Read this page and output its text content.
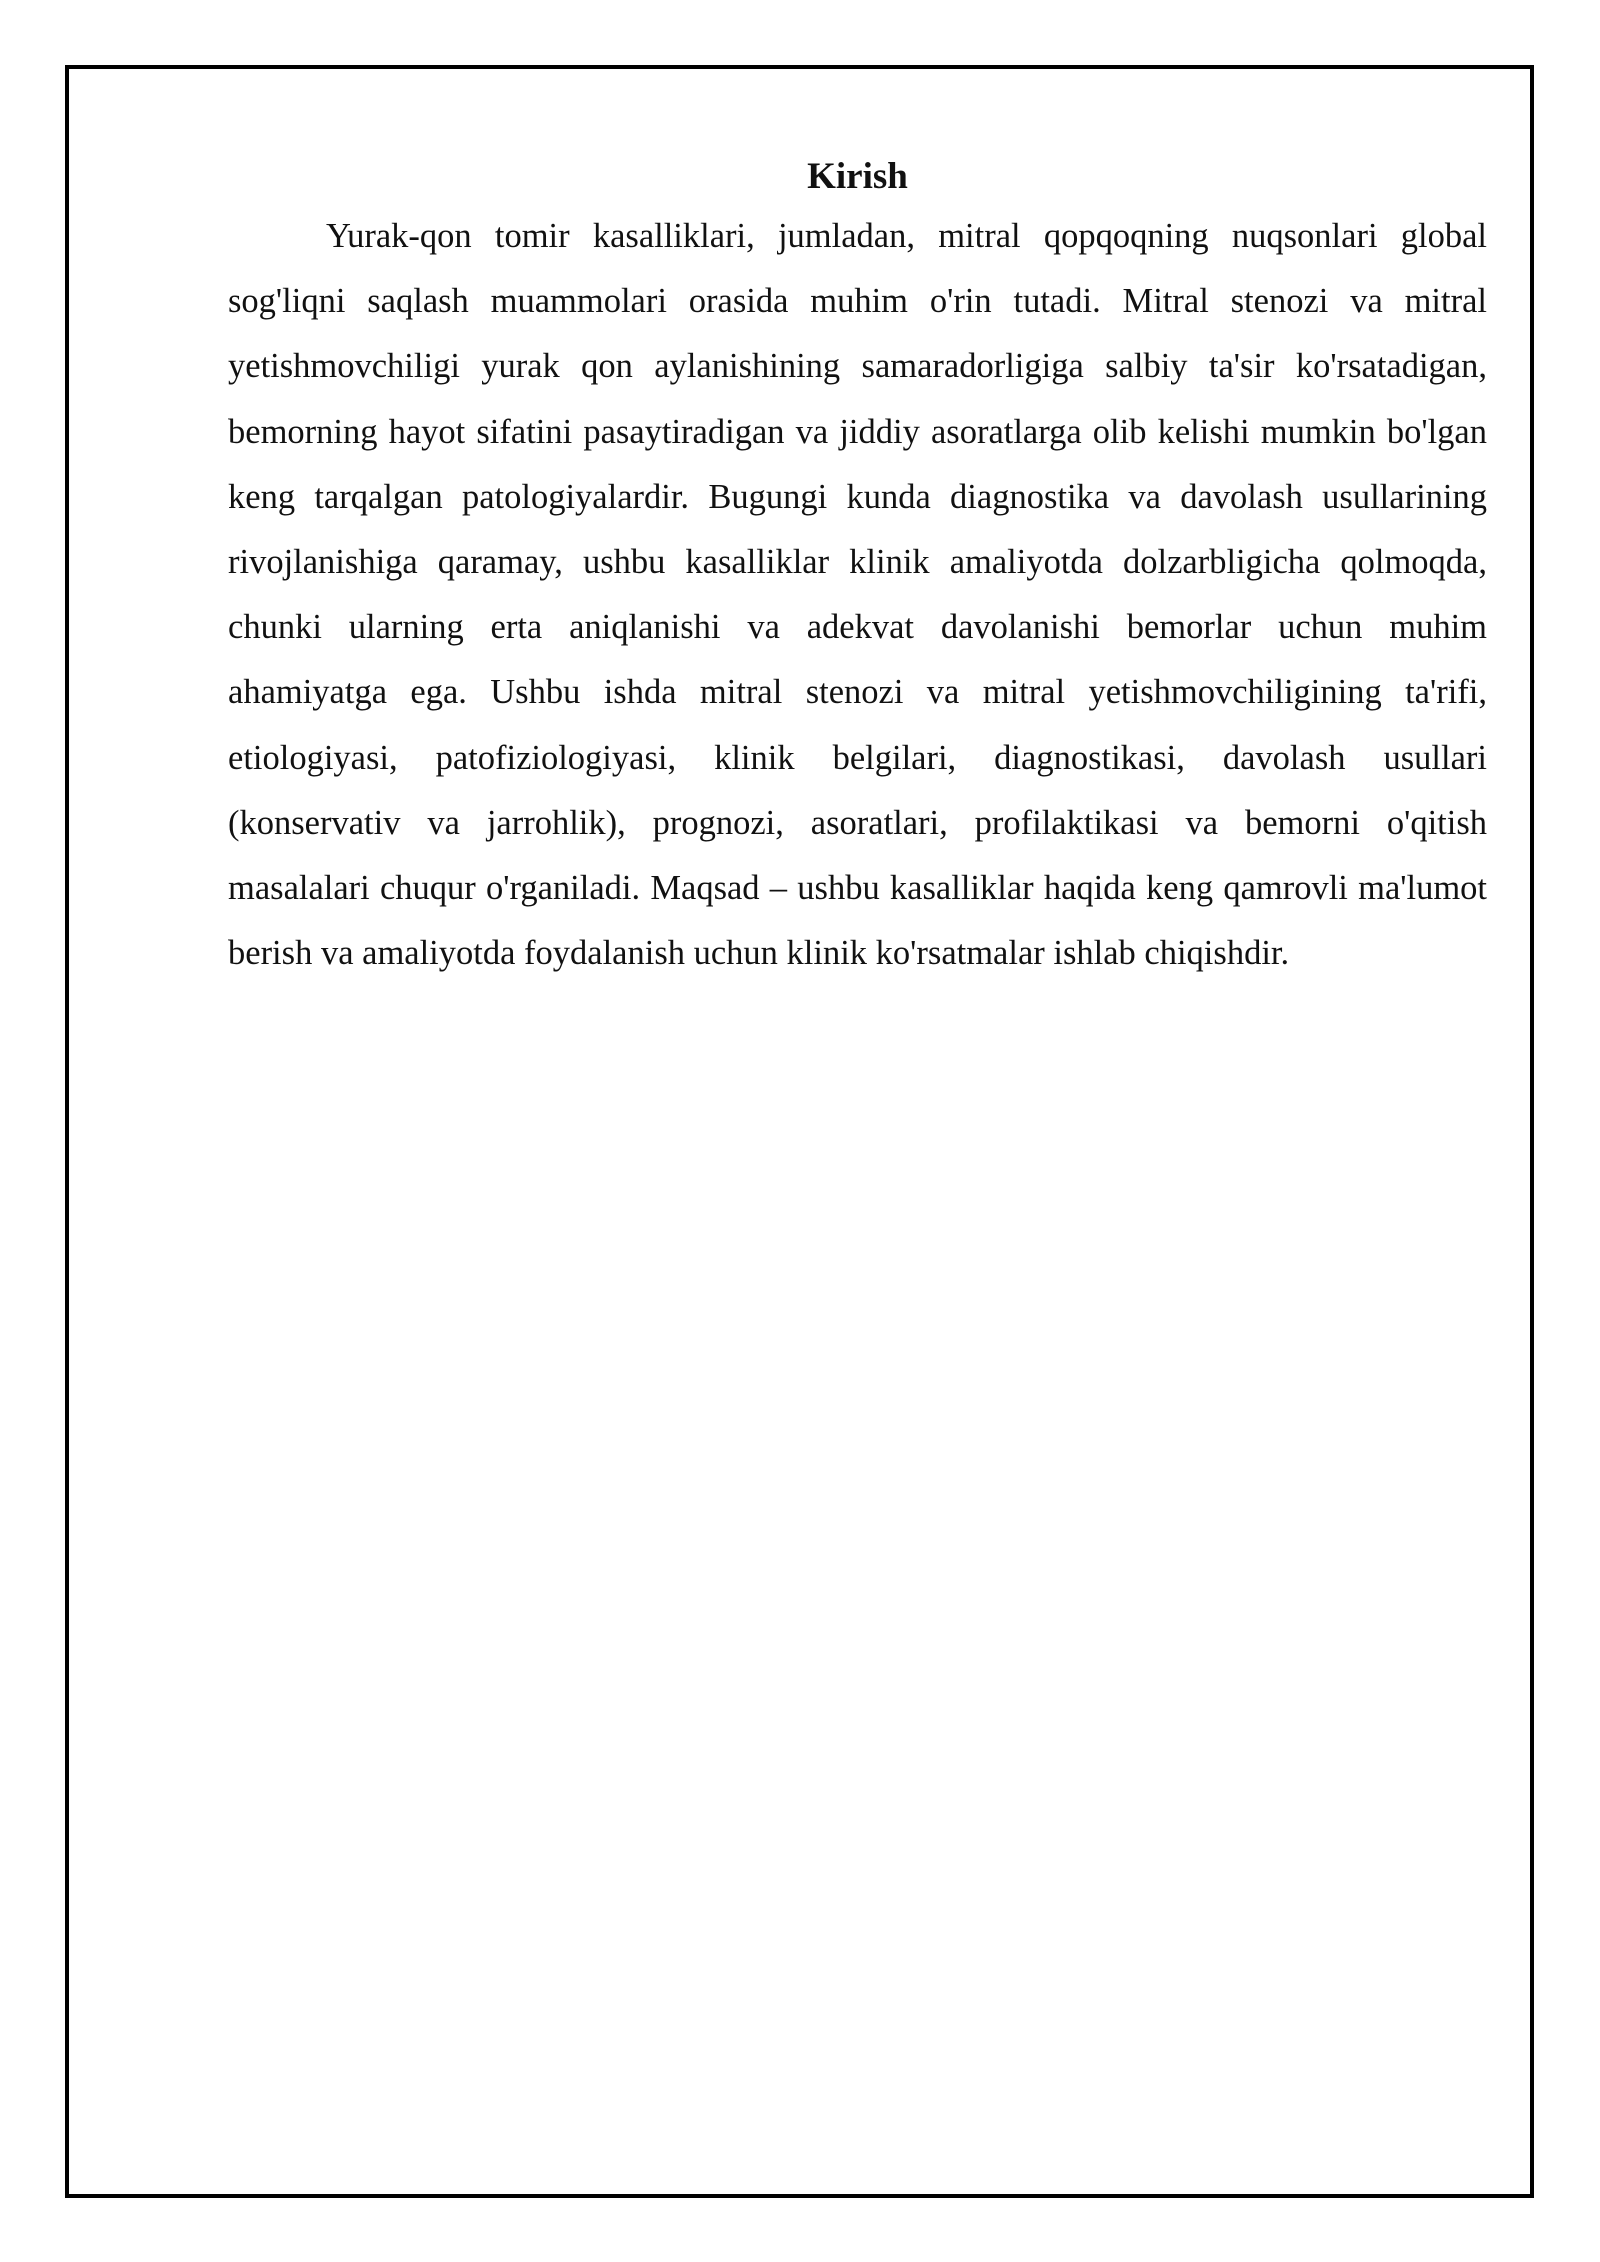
Kirish

Yurak-qon tomir kasalliklari, jumladan, mitral qopqoqning nuqsonlari global sog'liqni saqlash muammolari orasida muhim o'rin tutadi. Mitral stenozi va mitral yetishmovchiligi yurak qon aylanishining samaradorligiga salbiy ta'sir ko'rsatadigan, bemorning hayot sifatini pasaytiradigan va jiddiy asoratlarga olib kelishi mumkin bo'lgan keng tarqalgan patologiyalardir. Bugungi kunda diagnostika va davolash usullarining rivojlanishiga qaramay, ushbu kasalliklar klinik amaliyotda dolzarbligicha qolmoqda, chunki ularning erta aniqlanishi va adekvat davolanishi bemorlar uchun muhim ahamiyatga ega. Ushbu ishda mitral stenozi va mitral yetishmovchiligining ta'rifi, etiologiyasi, patofiziologiyasi, klinik belgilari, diagnostikasi, davolash usullari (konservativ va jarrohlik), prognozi, asoratlari, profilaktikasi va bemorni o'qitish masalalari chuqur o'rganiladi. Maqsad – ushbu kasalliklar haqida keng qamrovli ma'lumot berish va amaliyotda foydalanish uchun klinik ko'rsatmalar ishlab chiqishdir.
